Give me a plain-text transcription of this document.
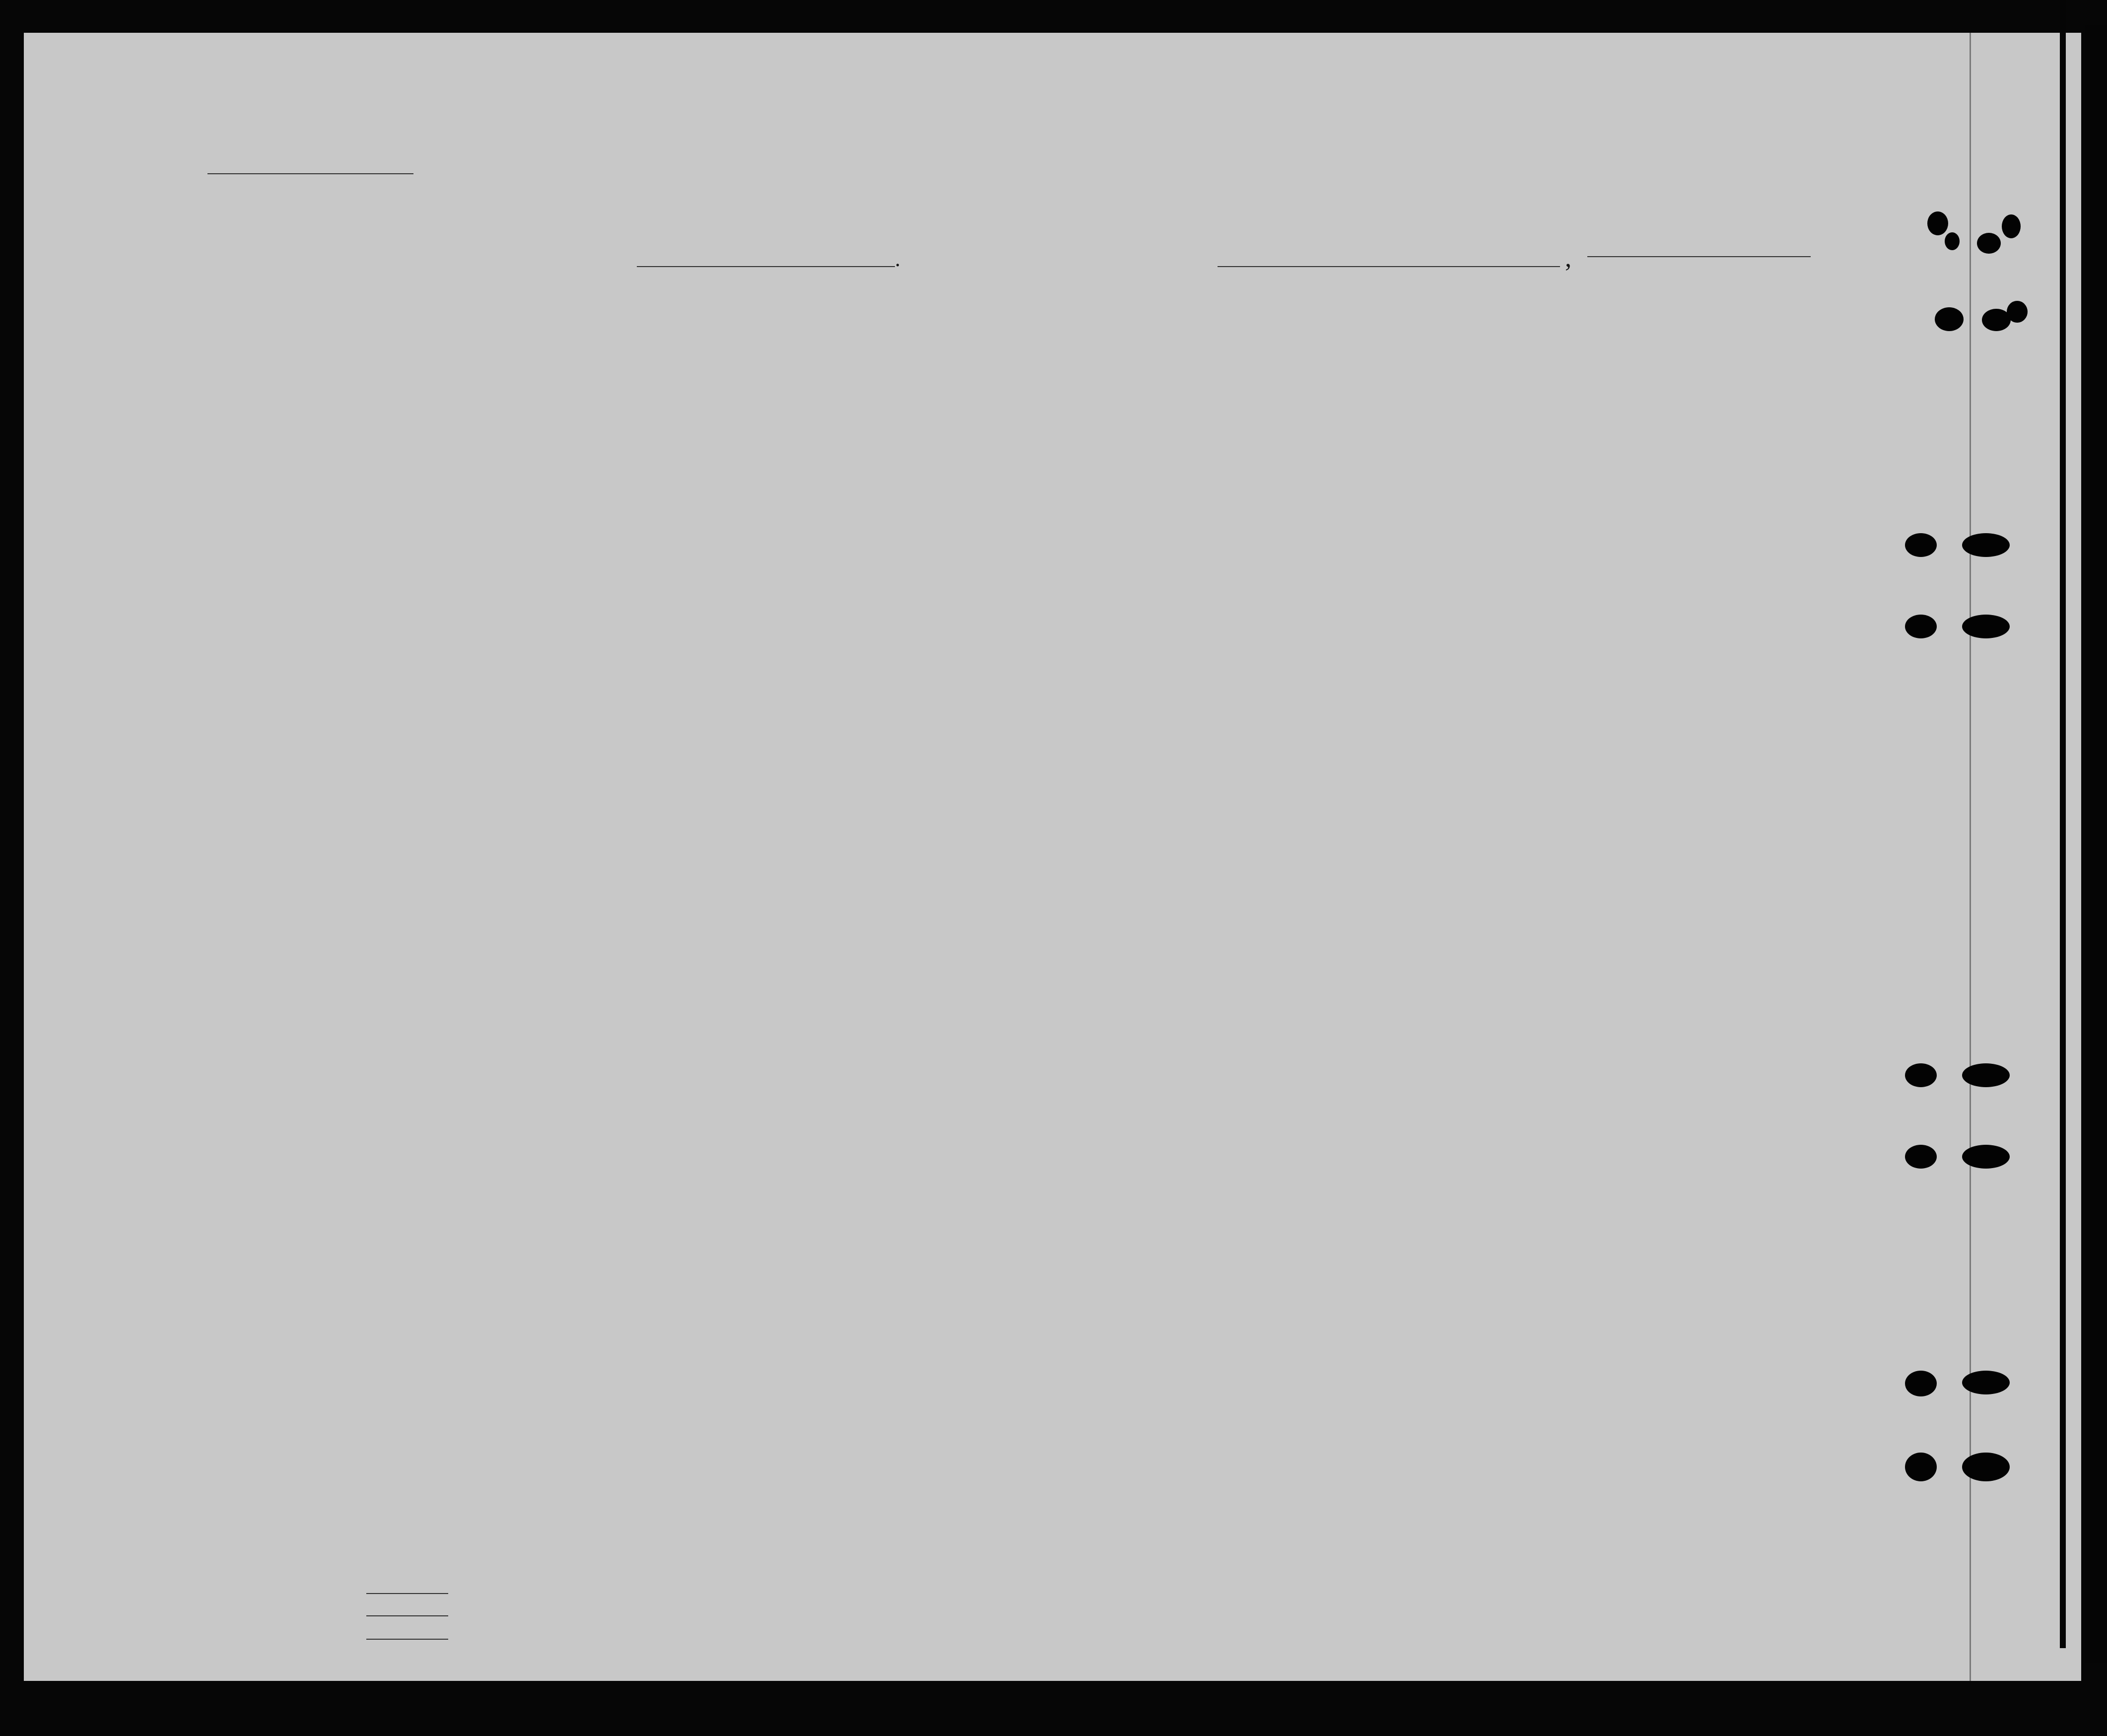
.	,
